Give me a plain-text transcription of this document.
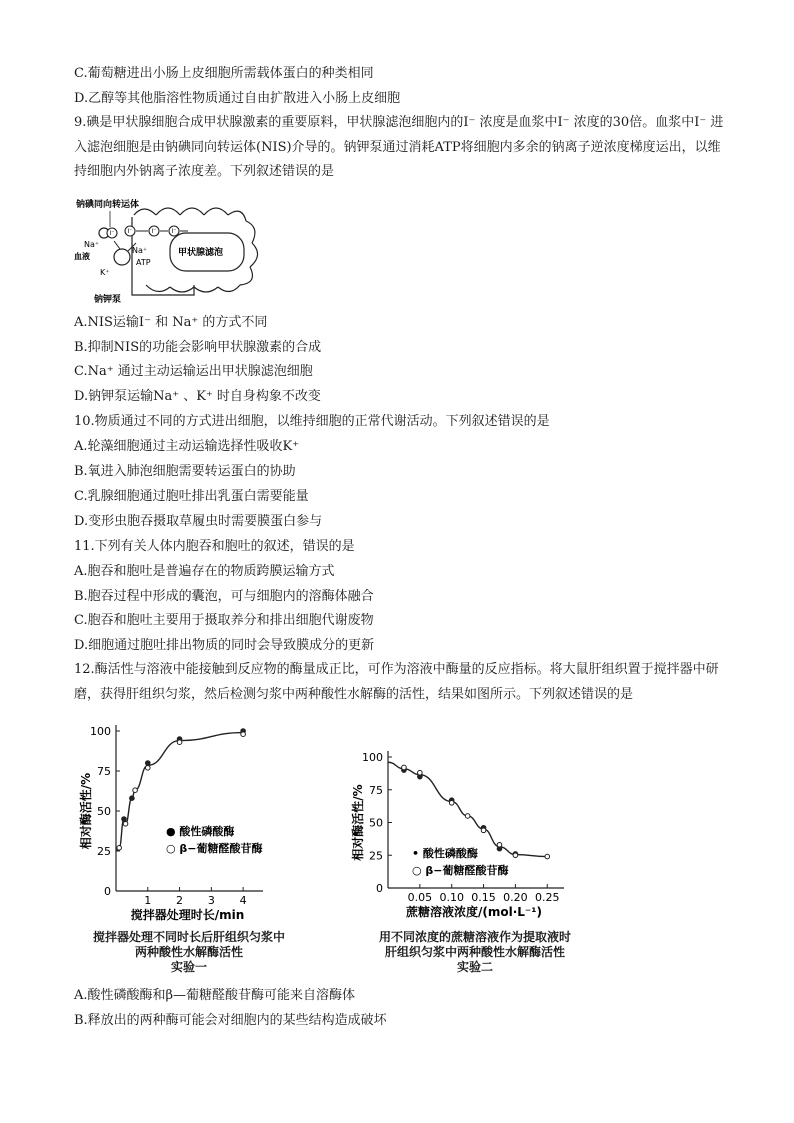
C.葡萄糖进出小肠上皮细胞所需载体蛋白的种类相同
D.乙醇等其他脂溶性物质通过自由扩散进入小肠上皮细胞
9.碘是甲状腺细胞合成甲状腺激素的重要原料，甲状腺滤泡细胞内的I⁻ 浓度是血浆中I⁻ 浓度的30倍。血浆中I⁻ 进入滤泡细胞是由钠碘同向转运体(NIS)介导的。钠钾泵通过消耗ATP将细胞内多余的钠离子逆浓度梯度运出，以维持细胞内外钠离子浓度差。下列叙述错误的是
钠碘同向转运体
Na⁺
血液
Na⁺
ATP
K⁺
甲状腺滤泡
钠钾泵
I⁻ I⁻	I⁻	I⁻
A.NIS运输I⁻ 和 Na⁺ 的方式不同
B.抑制NIS的功能会影响甲状腺激素的合成
C.Na⁺ 通过主动运输运出甲状腺滤泡细胞
D.钠钾泵运输Na⁺ 、K⁺ 时自身构象不改变
10.物质通过不同的方式进出细胞，以维持细胞的正常代谢活动。下列叙述错误的是
A.轮藻细胞通过主动运输选择性吸收K⁺
B.氧进入肺泡细胞需要转运蛋白的协助
C.乳腺细胞通过胞吐排出乳蛋白需要能量
D.变形虫胞吞摄取草履虫时需要膜蛋白参与
11.下列有关人体内胞吞和胞吐的叙述，错误的是
A.胞吞和胞吐是普遍存在的物质跨膜运输方式
B.胞吞过程中形成的囊泡，可与细胞内的溶酶体融合
C.胞吞和胞吐主要用于摄取养分和排出细胞代谢废物
D.细胞通过胞吐排出物质的同时会导致膜成分的更新
12.酶活性与溶液中能接触到反应物的酶量成正比，可作为溶液中酶量的反应指标。将大鼠肝组织置于搅拌器中研磨，获得肝组织匀浆，然后检测匀浆中两种酸性水解酶的活性，结果如图所示。下列叙述错误的是
0
25
50
75
100
1 2 3 4
搅拌器处理时长/min
相对酶活性/%	● 酸性磷酸酶
○ β−葡糖醛酸苷酶
搅拌器处理不同时长后肝组织匀浆中
两种酸性水解酶活性
实验一
0
25
50
75
100
0.05 0.10 0.15 0.20 0.25
蔗糖溶液浓度/(mol·L⁻¹)
相对酶活性/%	• 酸性磷酸酶
○ β−葡糖醛酸苷酶
用不同浓度的蔗糖溶液作为提取液时
肝组织匀浆中两种酸性水解酶活性
实验二
A.酸性磷酸酶和β—葡糖醛酸苷酶可能来自溶酶体
B.释放出的两种酶可能会对细胞内的某些结构造成破坏
